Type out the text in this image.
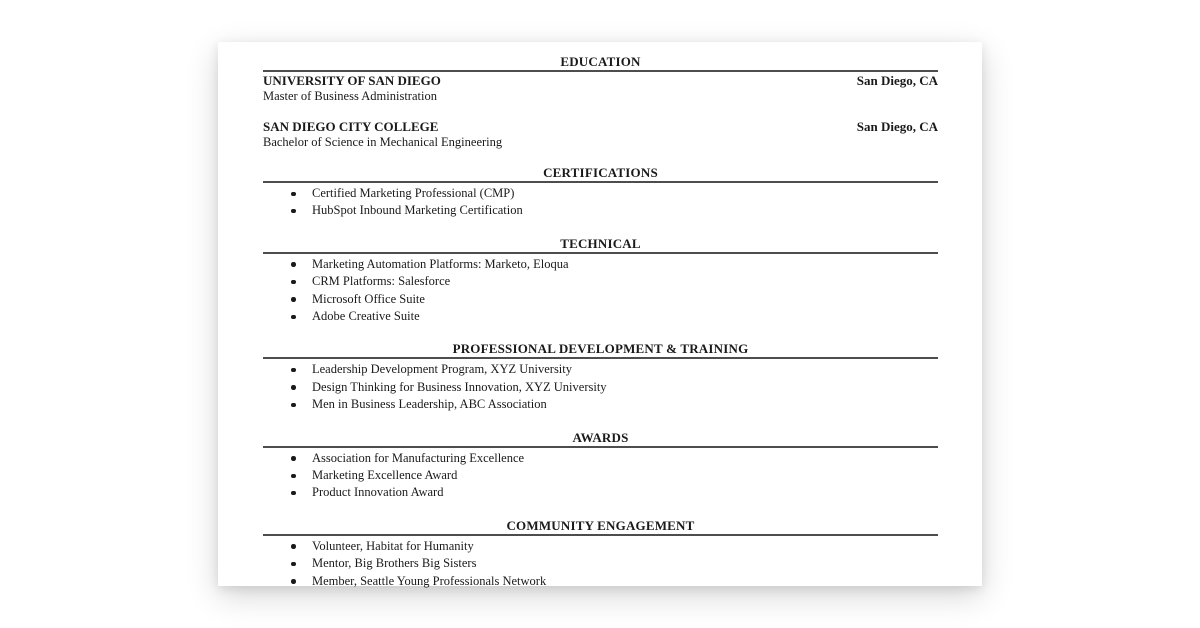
EDUCATION
UNIVERSITY OF SAN DIEGO	San Diego, CA
Master of Business Administration
SAN DIEGO CITY COLLEGE	San Diego, CA
Bachelor of Science in Mechanical Engineering
CERTIFICATIONS
Certified Marketing Professional (CMP)
HubSpot Inbound Marketing Certification
TECHNICAL
Marketing Automation Platforms: Marketo, Eloqua
CRM Platforms: Salesforce
Microsoft Office Suite
Adobe Creative Suite
PROFESSIONAL DEVELOPMENT & TRAINING
Leadership Development Program, XYZ University
Design Thinking for Business Innovation, XYZ University
Men in Business Leadership, ABC Association
AWARDS
Association for Manufacturing Excellence
Marketing Excellence Award
Product Innovation Award
COMMUNITY ENGAGEMENT
Volunteer, Habitat for Humanity
Mentor, Big Brothers Big Sisters
Member, Seattle Young Professionals Network
